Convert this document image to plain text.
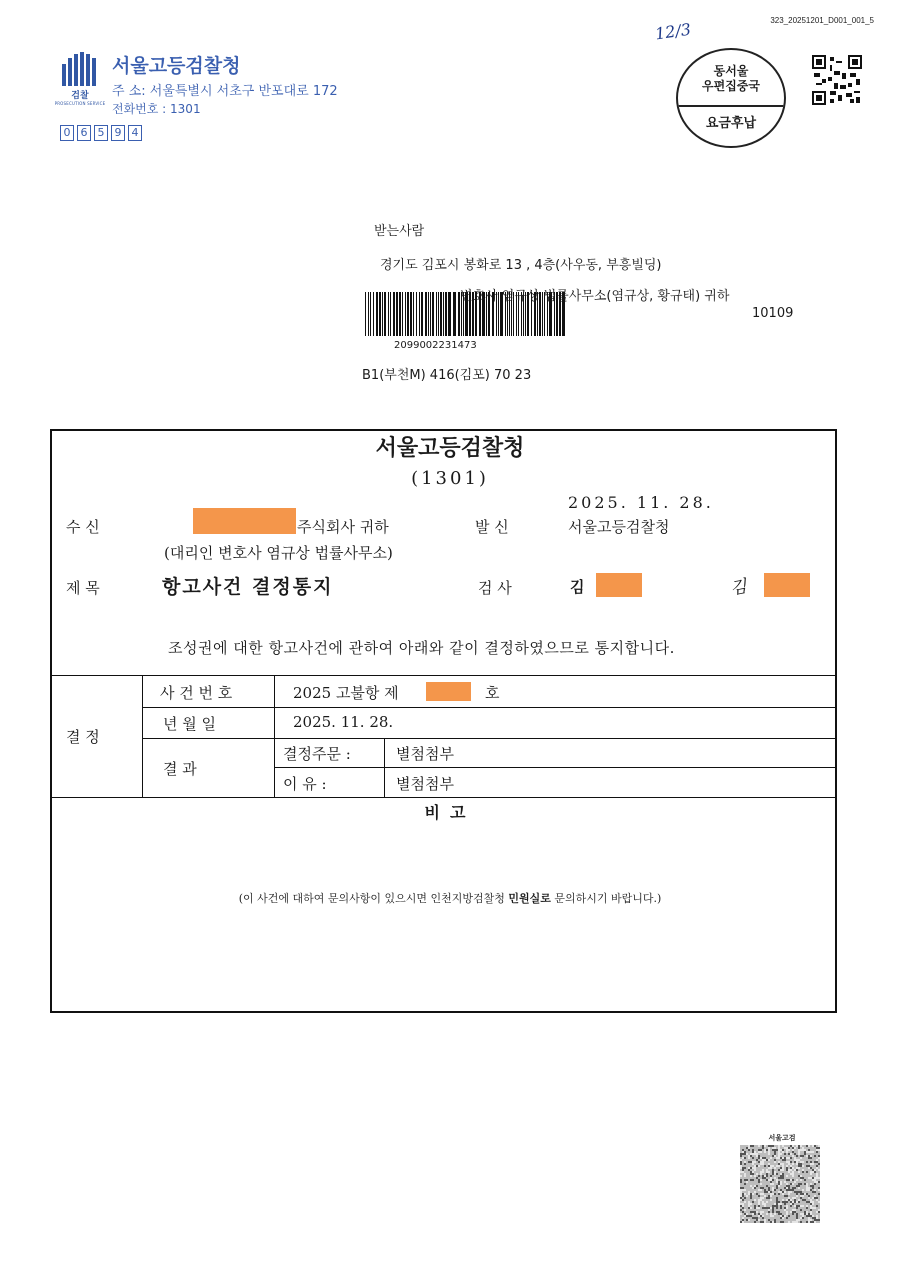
323_20251201_D001_001_5
검찰
PROSECUTION SERVICE
서울고등검찰청
주 소: 서울특별시 서초구 반포대로 172
전화번호 : 1301
0 6 5 9 4
12/3
동서울
우편집중국
요금후납
받는사람
경기도 김포시 봉화로 13 , 4층(사우동, 부흥빌딩)
변호사 염규상 법률사무소(염규상, 황규태) 귀하
10109
2099002231473
B1(부천M) 416(김포) 70 23
서울고등검찰청
(1301)
2025. 11. 28.
수 신	주식회사 귀하	발 신	서울고등검찰청
(대리인 변호사 염규상 법률사무소)
제 목	항고사건 결정통지	검 사	김	김
조성권에 대한 항고사건에 관하여 아래와 같이 결정하였으므로 통지합니다.
결 정
사 건 번 호	2025 고불항 제	호
년 월 일	2025. 11. 28.
결 과
결정주문 :	별첨첨부
이 유 :	별첨첨부
비고
(이 사건에 대하여 문의사항이 있으시면 인천지방검찰청 민원실로 문의하시기 바랍니다.)
서울고검
